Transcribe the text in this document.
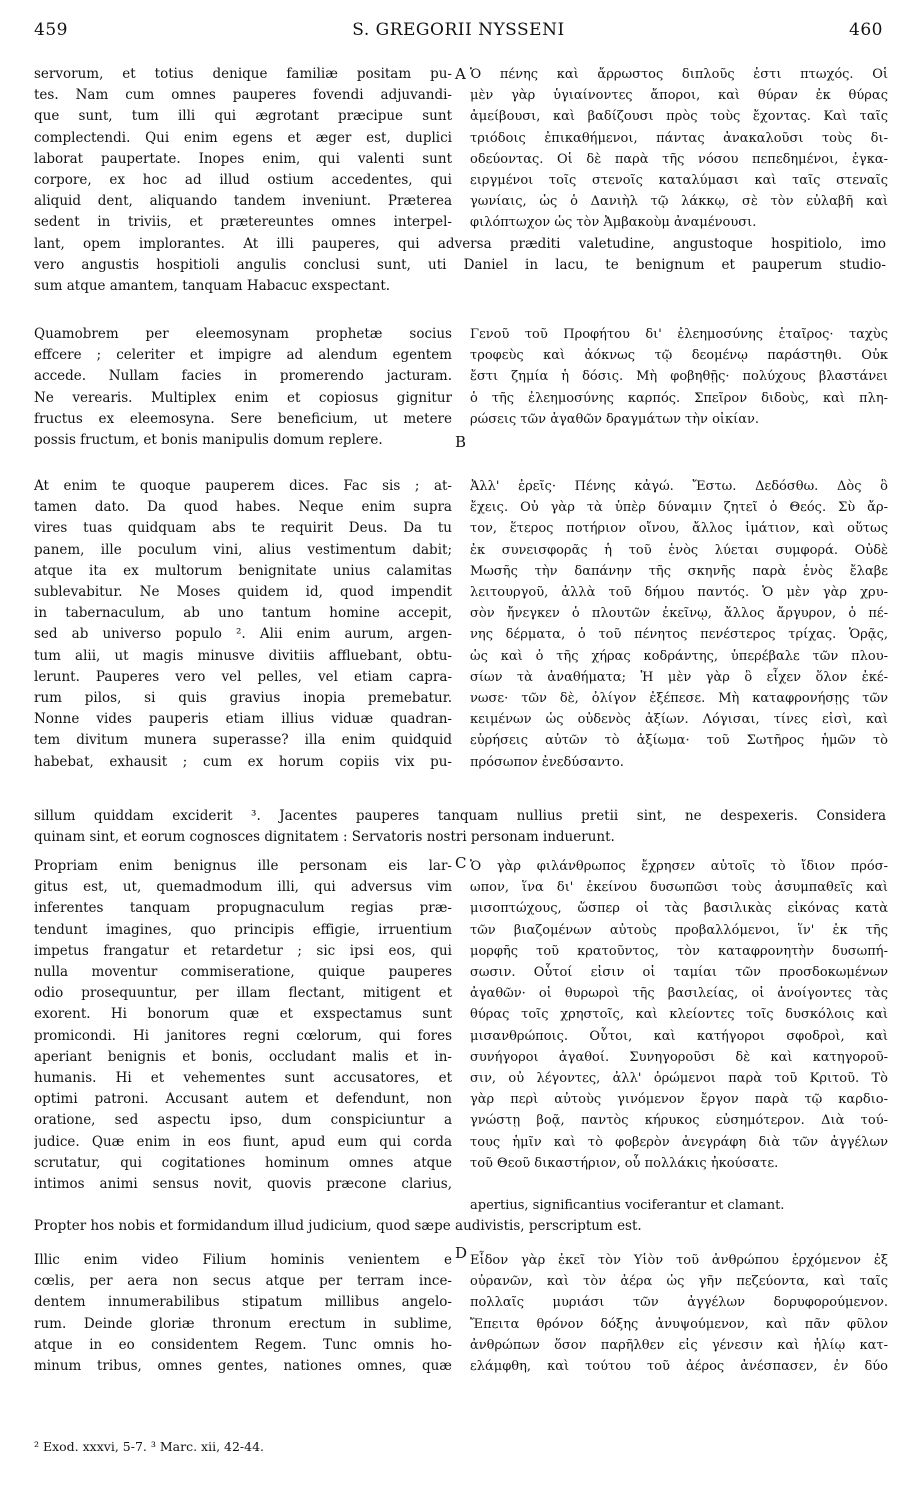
459	S. GREGORII NYSSENI	460
servorum, et totius denique familiæ positam pu-
tes. Nam cum omnes pauperes fovendi adjuvandi-
que sunt, tum illi qui ægrotant præcipue sunt
complectendi. Qui enim egens et æger est, duplici
laborat paupertate. Inopes enim, qui valenti sunt
corpore, ex hoc ad illud ostium accedentes, qui
aliquid dent, aliquando tandem inveniunt. Præterea
sedent in triviis, et prætereuntes omnes interpel-
A Ὁ πένης καὶ ἄρρωστος διπλοῦς ἐστι πτωχός. Οἱ
μὲν γὰρ ὑγιαίνοντες ἄποροι, καὶ θύραν ἐκ θύρας
ἀμείβουσι, καὶ βαδίζουσι πρὸς τοὺς ἔχοντας. Καὶ ταῖς
τριόδοις ἐπικαθήμενοι, πάντας ἀνακαλοῦσι τοὺς δι-
οδεύοντας. Οἱ δὲ παρὰ τῆς νόσου πεπεδημένοι, ἐγκα-
ειργμένοι τοῖς στενοῖς καταλύμασι καὶ ταῖς στεναῖς
γωνίαις, ὡς ὁ Δανιὴλ τῷ λάκκῳ, σὲ τὸν εὐλαβῆ καὶ
φιλόπτωχον ὡς τὸν Ἀμβακοὺμ ἀναμένουσι.
lant, opem implorantes. At illi pauperes, qui adversa præditi valetudine, angustoque hospitiolo, imo
vero angustis hospitioli angulis conclusi sunt, uti Daniel in lacu, te benignum et pauperum studio-
sum atque amantem, tanquam Habacuc exspectant.
Quamobrem per eleemosynam prophetæ socius
effcere ; celeriter et impigre ad alendum egentem
accede. Nullam facies in promerendo jacturam.
Ne verearis. Multiplex enim et copiosus gignitur
fructus ex eleemosyna. Sere beneficium, ut metere
possis fructum, et bonis manipulis domum replere.	B
Γενοῦ τοῦ Προφήτου δι' ἐλεημοσύνης ἑταῖρος· ταχὺς
τροφεὺς καὶ ἀόκνως τῷ δεομένῳ παράστηθι. Οὐκ
ἔστι ζημία ἡ δόσις. Μὴ φοβηθῇς· πολύχους βλαστάνει
ὁ τῆς ἐλεημοσύνης καρπός. Σπεῖρον διδοὺς, καὶ πλη-
ρώσεις τῶν ἀγαθῶν δραγμάτων τὴν οἰκίαν.
At enim te quoque pauperem dices. Fac sis ; at-
tamen dato. Da quod habes. Neque enim supra
vires tuas quidquam abs te requirit Deus. Da tu
panem, ille poculum vini, alius vestimentum dabit;
atque ita ex multorum benignitate unius calamitas
sublevabitur. Ne Moses quidem id, quod impendit
in tabernaculum, ab uno tantum homine accepit,
sed ab universo populo ². Alii enim aurum, argen-
tum alii, ut magis minusve divitiis affluebant, obtu-
lerunt. Pauperes vero vel pelles, vel etiam capra-
rum pilos, si quis gravius inopia premebatur.
Nonne vides pauperis etiam illius viduæ quadran-
tem divitum munera superasse? illa enim quidquid
habebat, exhausit ; cum ex horum copiis vix pu-
Ἀλλ' ἐρεῖς· Πένης κἀγώ. Ἔστω. Δεδόσθω. Δὸς ὃ
ἔχεις. Οὐ γὰρ τὰ ὑπὲρ δύναμιν ζητεῖ ὁ Θεός. Σὺ ἄρ-
τον, ἕτερος ποτήριον οἴνου, ἄλλος ἱμάτιον, καὶ οὕτως
ἐκ συνεισφορᾶς ἡ τοῦ ἑνὸς λύεται συμφορά. Οὐδὲ
Μωσῆς τὴν δαπάνην τῆς σκηνῆς παρὰ ἑνὸς ἔλαβε
λειτουργοῦ, ἀλλὰ τοῦ δήμου παντός. Ὁ μὲν γὰρ χρυ-
σὸν ἤνεγκεν ὁ πλουτῶν ἐκεῖνῳ, ἄλλος ἄργυρον, ὁ πέ-
νης δέρματα, ὁ τοῦ πένητος πενέστερος τρίχας. Ὁρᾷς,
ὡς καὶ ὁ τῆς χήρας κοδράντης, ὑπερέβαλε τῶν πλου-
σίων τὰ ἀναθήματα; Ἡ μὲν γὰρ ὃ εἶχεν ὅλον ἐκέ-
νωσε· τῶν δὲ, ὀλίγον ἐξέπεσε. Μὴ καταφρονήσῃς τῶν
κειμένων ὡς οὐδενὸς ἀξίων. Λόγισαι, τίνες εἰσὶ, καὶ
εὑρήσεις αὐτῶν τὸ ἀξίωμα· τοῦ Σωτῆρος ἡμῶν τὸ
πρόσωπον ἐνεδύσαντο.
sillum quiddam exciderit ³. Jacentes pauperes tanquam nullius pretii sint, ne despexeris. Considera
quinam sint, et eorum cognosces dignitatem : Servatoris nostri personam induerunt.
Propriam enim benignus ille personam eis lar-
gitus est, ut, quemadmodum illi, qui adversus vim
inferentes tanquam propugnaculum regias præ-
tendunt imagines, quo principis effigie, irruentium
impetus frangatur et retardetur ; sic ipsi eos, qui
nulla moventur commiseratione, quique pauperes
odio prosequuntur, per illam flectant, mitigent et
exorent. Hi bonorum quæ et exspectamus sunt
promicondi. Hi janitores regni cœlorum, qui fores
aperiant benignis et bonis, occludant malis et in-
humanis. Hi et vehementes sunt accusatores, et
optimi patroni. Accusant autem et defendunt, non
oratione, sed aspectu ipso, dum conspiciuntur a
judice. Quæ enim in eos fiunt, apud eum qui corda
scrutatur, qui cogitationes hominum omnes atque
intimos animi sensus novit, quovis præcone clarius,
C Ὁ γὰρ φιλάνθρωπος ἔχρησεν αὐτοῖς τὸ ἴδιον πρόσ-
ωπον, ἵνα δι' ἐκείνου δυσωπῶσι τοὺς ἀσυμπαθεῖς καὶ
μισοπτώχους, ὥσπερ οἱ τὰς βασιλικὰς εἰκόνας κατὰ
τῶν βιαζομένων αὐτοὺς προβαλλόμενοι, ἵν' ἐκ τῆς
μορφῆς τοῦ κρατοῦντος, τὸν καταφρονητὴν δυσωπή-
σωσιν. Οὗτοί εἰσιν οἱ ταμίαι τῶν προσδοκωμένων
ἀγαθῶν· οἱ θυρωροὶ τῆς βασιλείας, οἱ ἀνοίγοντες τὰς
θύρας τοῖς χρηστοῖς, καὶ κλείοντες τοῖς δυσκόλοις καὶ
μισανθρώποις. Οὗτοι, καὶ κατήγοροι σφοδροὶ, καὶ
συνήγοροι ἀγαθοί. Συνηγοροῦσι δὲ καὶ κατηγοροῦ-
σιν, οὐ λέγοντες, ἀλλ' ὁρώμενοι παρὰ τοῦ Κριτοῦ. Τὸ
γὰρ περὶ αὐτοὺς γινόμενον ἔργον παρὰ τῷ καρδιο-
γνώστῃ βοᾷ, παντὸς κήρυκος εὐσημότερον. Διὰ τού-
τους ἡμῖν καὶ τὸ φοβερὸν ἀνεγράφη διὰ τῶν ἀγγέλων
τοῦ Θεοῦ δικαστήριον, οὗ πολλάκις ἠκούσατε.
apertius, significantius vociferantur et clamant.
Propter hos nobis et formidandum illud judicium, quod sæpe audivistis, perscriptum est.
Illic enim video Filium hominis venientem e
cœlis, per aera non secus atque per terram ince-
dentem innumerabilibus stipatum millibus angelo-
rum. Deinde gloriæ thronum erectum in sublime,
atque in eo considentem Regem. Tunc omnis ho-
minum tribus, omnes gentes, nationes omnes, quæ
D Εἶδον γὰρ ἐκεῖ τὸν Υἱὸν τοῦ ἀνθρώπου ἐρχόμενον ἐξ
οὐρανῶν, καὶ τὸν ἀέρα ὡς γῆν πεζεύοντα, καὶ ταῖς
πολλαῖς μυριάσι τῶν ἀγγέλων δορυφορούμενον.
Ἔπειτα θρόνον δόξης ἀνυψούμενον, καὶ πᾶν φῦλον
ἀνθρώπων ὅσον παρῆλθεν εἰς γένεσιν καὶ ἡλίῳ κατ-
ελάμφθη, καὶ τούτου τοῦ ἀέρος ἀνέσπασεν, ἐν δύο
² Exod. xxxvi, 5-7. ³ Marc. xii, 42-44.
